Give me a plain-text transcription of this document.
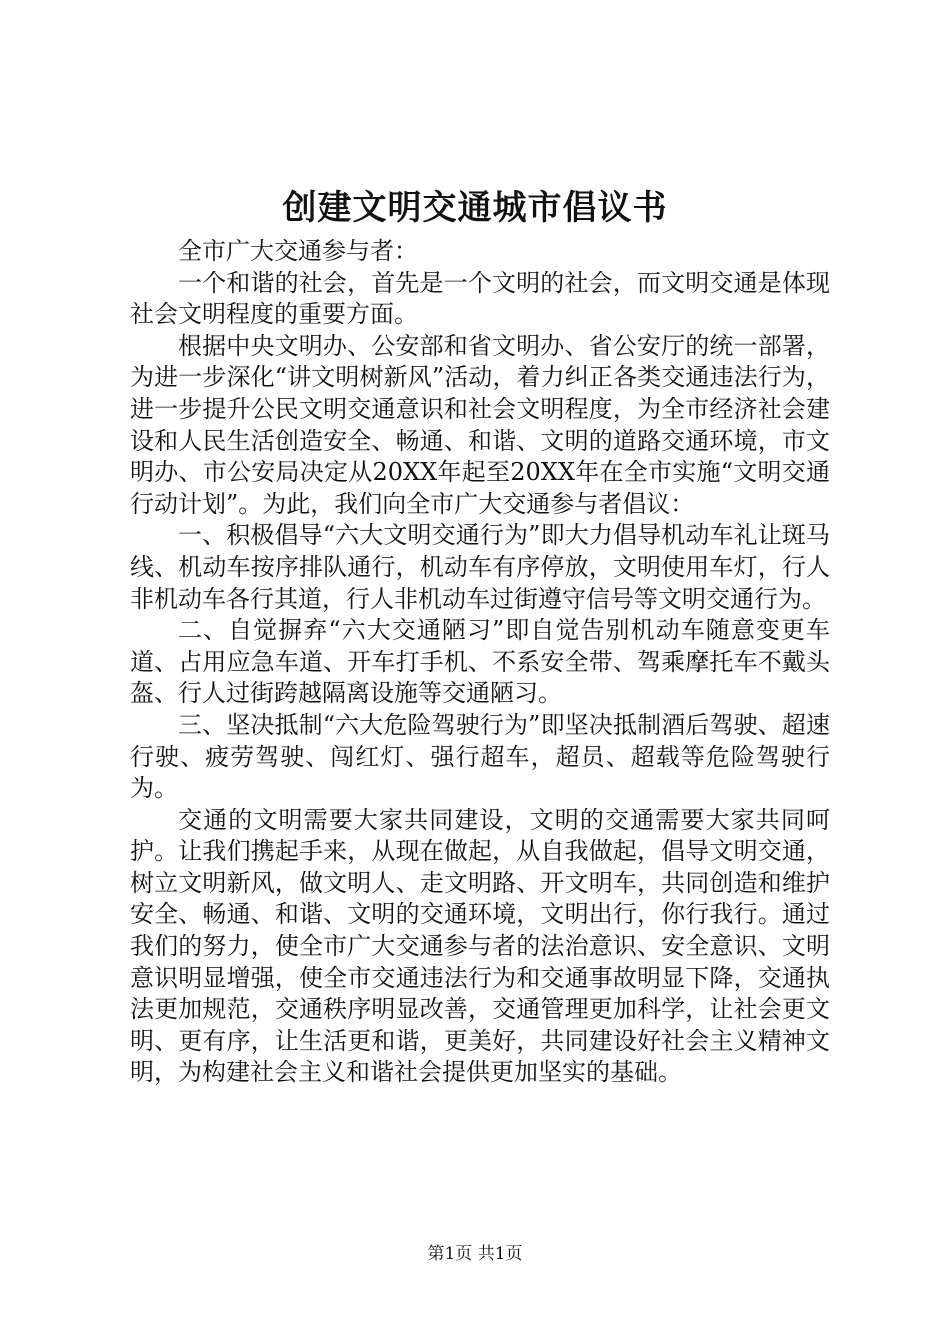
创建文明交通城市倡议书

全市广大交通参与者：

一个和谐的社会，首先是一个文明的社会，而文明交通是体现社会文明程度的重要方面。

根据中央文明办、公安部和省文明办、省公安厅的统一部署，为进一步深化“讲文明树新风”活动，着力纠正各类交通违法行为，进一步提升公民文明交通意识和社会文明程度，为全市经济社会建设和人民生活创造安全、畅通、和谐、文明的道路交通环境，市文明办、市公安局决定从20XX年起至20XX年在全市实施“文明交通行动计划”。为此，我们向全市广大交通参与者倡议：

一、积极倡导“六大文明交通行为”即大力倡导机动车礼让斑马线、机动车按序排队通行，机动车有序停放，文明使用车灯，行人非机动车各行其道，行人非机动车过街遵守信号等文明交通行为。

二、自觉摒弃“六大交通陋习”即自觉告别机动车随意变更车道、占用应急车道、开车打手机、不系安全带、驾乘摩托车不戴头盔、行人过街跨越隔离设施等交通陋习。

三、坚决抵制“六大危险驾驶行为”即坚决抵制酒后驾驶、超速行驶、疲劳驾驶、闯红灯、强行超车，超员、超载等危险驾驶行为。

交通的文明需要大家共同建设，文明的交通需要大家共同呵护。让我们携起手来，从现在做起，从自我做起，倡导文明交通，树立文明新风，做文明人、走文明路、开文明车，共同创造和维护安全、畅通、和谐、文明的交通环境，文明出行，你行我行。通过我们的努力，使全市广大交通参与者的法治意识、安全意识、文明意识明显增强，使全市交通违法行为和交通事故明显下降，交通执法更加规范，交通秩序明显改善，交通管理更加科学，让社会更文明、更有序，让生活更和谐，更美好，共同建设好社会主义精神文明，为构建社会主义和谐社会提供更加坚实的基础。

第1页 共1页
